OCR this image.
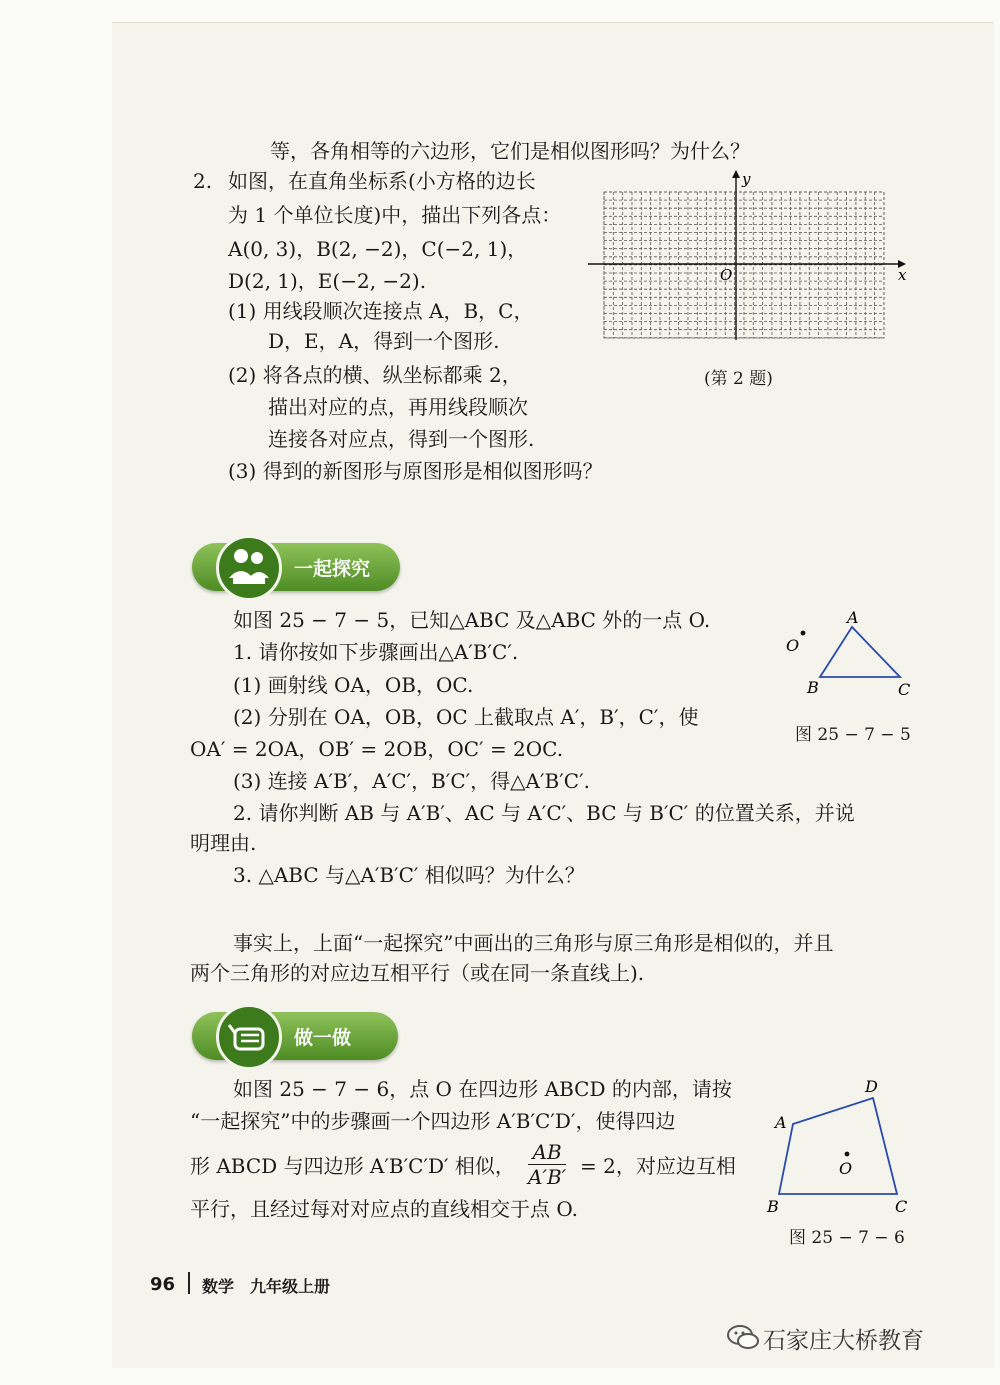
等，各角相等的六边形，它们是相似图形吗？为什么？
2. 如图，在直角坐标系(小方格的边长
为 1 个单位长度)中，描出下列各点：
A(0, 3)，B(2, −2)，C(−2, 1)，
D(2, 1)，E(−2, −2).
(1) 用线段顺次连接点 A，B，C，
D，E，A，得到一个图形.
(2) 将各点的横、纵坐标都乘 2，
描出对应的点，再用线段顺次
连接各对应点，得到一个图形.
(3) 得到的新图形与原图形是相似图形吗？
y
x
O
(第 2 题)
一起探究
如图 25 − 7 − 5，已知△ABC 及△ABC 外的一点 O.
1. 请你按如下步骤画出△A′B′C′.
(1) 画射线 OA，OB，OC.
(2) 分别在 OA，OB，OC 上截取点 A′，B′，C′，使
OA′ = 2OA，OB′ = 2OB，OC′ = 2OC.
(3) 连接 A′B′，A′C′，B′C′，得△A′B′C′.
2. 请你判断 AB 与 A′B′、AC 与 A′C′、BC 与 B′C′ 的位置关系，并说
明理由.
3. △ABC 与△A′B′C′ 相似吗？为什么？
A
B	C
O
图 25 − 7 − 5
事实上，上面“一起探究”中画出的三角形与原三角形是相似的，并且
两个三角形的对应边互相平行（或在同一条直线上).
做一做
如图 25 − 7 − 6，点 O 在四边形 ABCD 的内部，请按
“一起探究”中的步骤画一个四边形 A′B′C′D′，使得四边
形 ABCD 与四边形 A′B′C′D′ 相似， $\frac{AB}{A'B'} = 2$，对应边互相
平行，且经过每对对应点的直线相交于点 O.
A
D
C
B
O
图 25 − 7 − 6
96 数学　九年级上册
石家庄大桥教育
